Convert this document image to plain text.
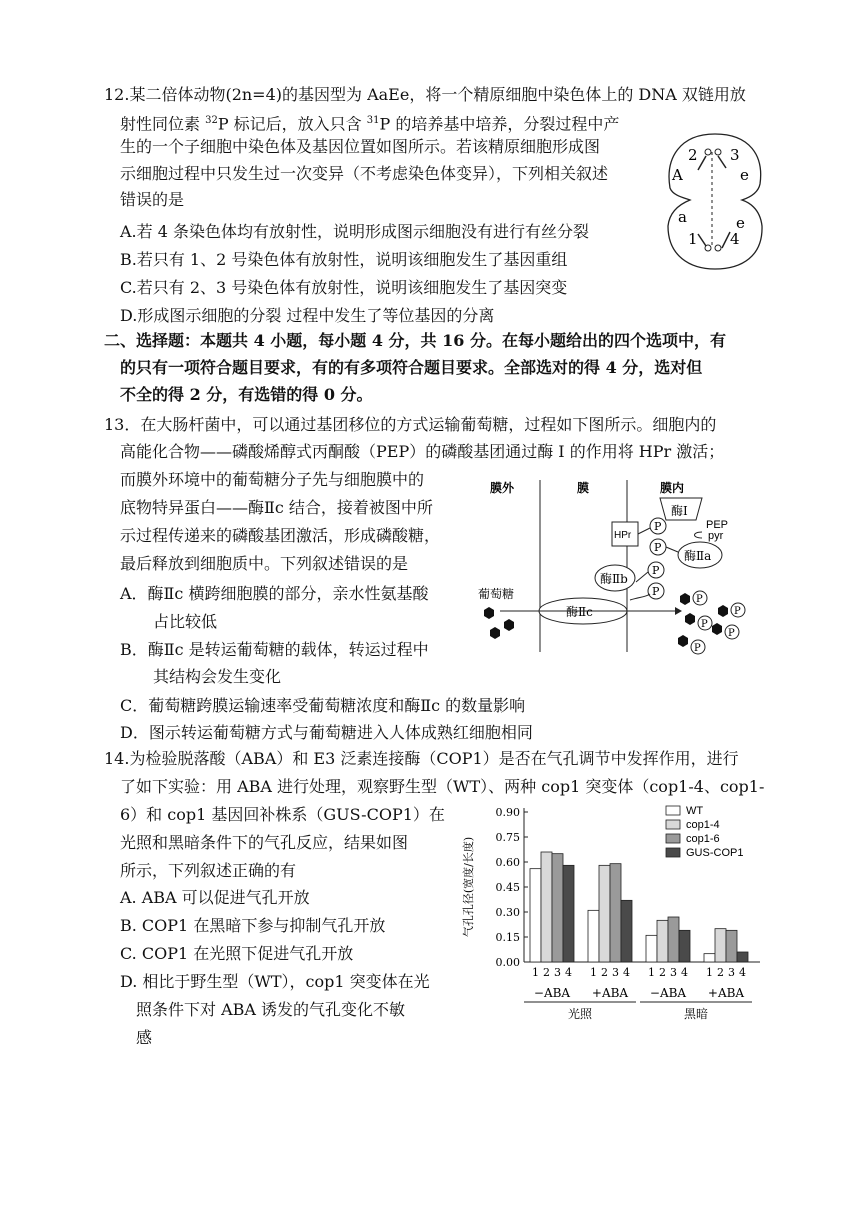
12.某二倍体动物(2n=4)的基因型为 AaEe，将一个精原细胞中染色体上的 DNA 双链用放
射性同位素 $^{32}$P 标记后，放入只含 $^{31}$P 的培养基中培养，分裂过程中产
生的一个子细胞中染色体及基因位置如图所示。若该精原细胞形成图
示细胞过程中只发生过一次变异（不考虑染色体变异），下列相关叙述
错误的是
A.若 4 条染色体均有放射性，说明形成图示细胞没有进行有丝分裂
B.若只有 1、2 号染色体有放射性，说明该细胞发生了基因重组
C.若只有 2、3 号染色体有放射性，说明该细胞发生了基因突变
D.形成图示细胞的分裂 过程中发生了等位基因的分离
2 3
A	e
a	e
1 4
二、选择题：本题共 4 小题，每小题 4 分，共 16 分。在每小题给出的四个选项中，有
的只有一项符合题目要求，有的有多项符合题目要求。全部选对的得 4 分，选对但
不全的得 2 分，有选错的得 0 分。
13．在大肠杆菌中，可以通过基团移位的方式运输葡萄糖，过程如下图所示。细胞内的
高能化合物——磷酸烯醇式丙酮酸（PEP）的磷酸基团通过酶 I 的作用将 HPr 激活；
而膜外环境中的葡萄糖分子先与细胞膜中的
底物特异蛋白——酶Ⅱc 结合，接着被图中所
示过程传递来的磷酸基团激活，形成磷酸糖，
最后释放到细胞质中。下列叙述错误的是
A．酶Ⅱc 横跨细胞膜的部分，亲水性氨基酸
占比较低
B．酶Ⅱc 是转运葡萄糖的载体，转运过程中
其结构会发生变化
C．葡萄糖跨膜运输速率受葡萄糖浓度和酶Ⅱc 的数量影响
D．图示转运葡萄糖方式与葡萄糖进入人体成熟红细胞相同
膜外	膜	膜内
酶Ⅰ
PEP
pyr
HPr
P
P
酶Ⅱa
酶Ⅱb
P
P
酶Ⅱc
葡萄糖	P
P
P
P
P
14.为检验脱落酸（ABA）和 E3 泛素连接酶（COP1）是否在气孔调节中发挥作用，进行
了如下实验：用 ABA 进行处理，观察野生型（WT）、两种 cop1 突变体（cop1-4、cop1-
6）和 cop1 基因回补株系（GUS-COP1）在
光照和黑暗条件下的气孔反应，结果如图
所示，下列叙述正确的有
A. ABA 可以促进气孔开放
B. COP1 在黑暗下参与抑制气孔开放
C. COP1 在光照下促进气孔开放
D. 相比于野生型（WT），cop1 突变体在光
照条件下对 ABA 诱发的气孔变化不敏
感
0.00
0.15
0.30
0.45
0.60
0.75
0.90
气孔孔径(宽度/长度)
1 2 3 4
−ABA
1 2 3 4
+ABA
1 2 3 4
−ABA
1 2 3 4
+ABA
光照	黑暗
WT
cop1-4
cop1-6
GUS-COP1
